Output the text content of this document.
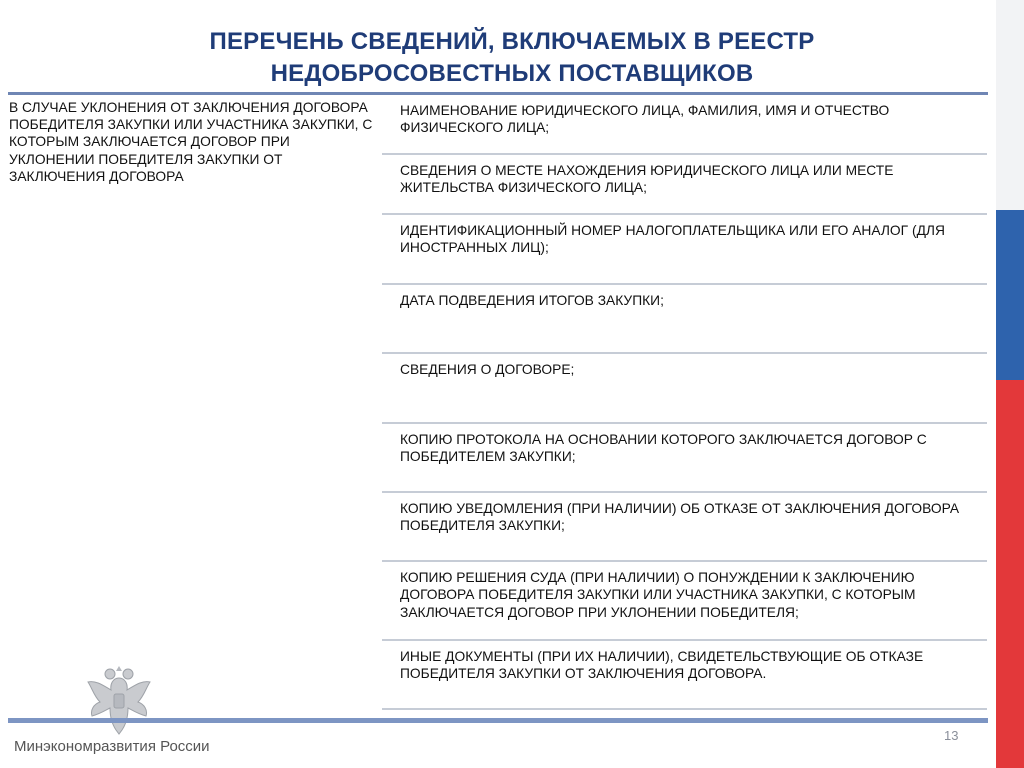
ПЕРЕЧЕНЬ СВЕДЕНИЙ, ВКЛЮЧАЕМЫХ В РЕЕСТР
НЕДОБРОСОВЕСТНЫХ ПОСТАВЩИКОВ
В СЛУЧАЕ УКЛОНЕНИЯ ОТ ЗАКЛЮЧЕНИЯ ДОГОВОРА ПОБЕДИТЕЛЯ ЗАКУПКИ ИЛИ УЧАСТНИКА ЗАКУПКИ, С КОТОРЫМ ЗАКЛЮЧАЕТСЯ ДОГОВОР ПРИ УКЛОНЕНИИ ПОБЕДИТЕЛЯ ЗАКУПКИ ОТ ЗАКЛЮЧЕНИЯ ДОГОВОРА
НАИМЕНОВАНИЕ ЮРИДИЧЕСКОГО ЛИЦА, ФАМИЛИЯ, ИМЯ И ОТЧЕСТВО ФИЗИЧЕСКОГО ЛИЦА;
СВЕДЕНИЯ О МЕСТЕ НАХОЖДЕНИЯ ЮРИДИЧЕСКОГО ЛИЦА ИЛИ МЕСТЕ ЖИТЕЛЬСТВА ФИЗИЧЕСКОГО ЛИЦА;
ИДЕНТИФИКАЦИОННЫЙ НОМЕР НАЛОГОПЛАТЕЛЬЩИКА ИЛИ ЕГО АНАЛОГ (ДЛЯ ИНОСТРАННЫХ ЛИЦ);
ДАТА ПОДВЕДЕНИЯ ИТОГОВ ЗАКУПКИ;
СВЕДЕНИЯ О ДОГОВОРЕ;
КОПИЮ ПРОТОКОЛА НА ОСНОВАНИИ КОТОРОГО ЗАКЛЮЧАЕТСЯ ДОГОВОР С ПОБЕДИТЕЛЕМ ЗАКУПКИ;
КОПИЮ УВЕДОМЛЕНИЯ (ПРИ НАЛИЧИИ) ОБ ОТКАЗЕ ОТ ЗАКЛЮЧЕНИЯ ДОГОВОРА ПОБЕДИТЕЛЯ ЗАКУПКИ;
КОПИЮ РЕШЕНИЯ СУДА (ПРИ НАЛИЧИИ) О ПОНУЖДЕНИИ К ЗАКЛЮЧЕНИЮ ДОГОВОРА ПОБЕДИТЕЛЯ ЗАКУПКИ ИЛИ УЧАСТНИКА ЗАКУПКИ, С КОТОРЫМ ЗАКЛЮЧАЕТСЯ ДОГОВОР ПРИ УКЛОНЕНИИ ПОБЕДИТЕЛЯ;
ИНЫЕ ДОКУМЕНТЫ (ПРИ ИХ НАЛИЧИИ), СВИДЕТЕЛЬСТВУЮЩИЕ ОБ ОТКАЗЕ ПОБЕДИТЕЛЯ ЗАКУПКИ ОТ ЗАКЛЮЧЕНИЯ ДОГОВОРА.
Минэкономразвития России
13
